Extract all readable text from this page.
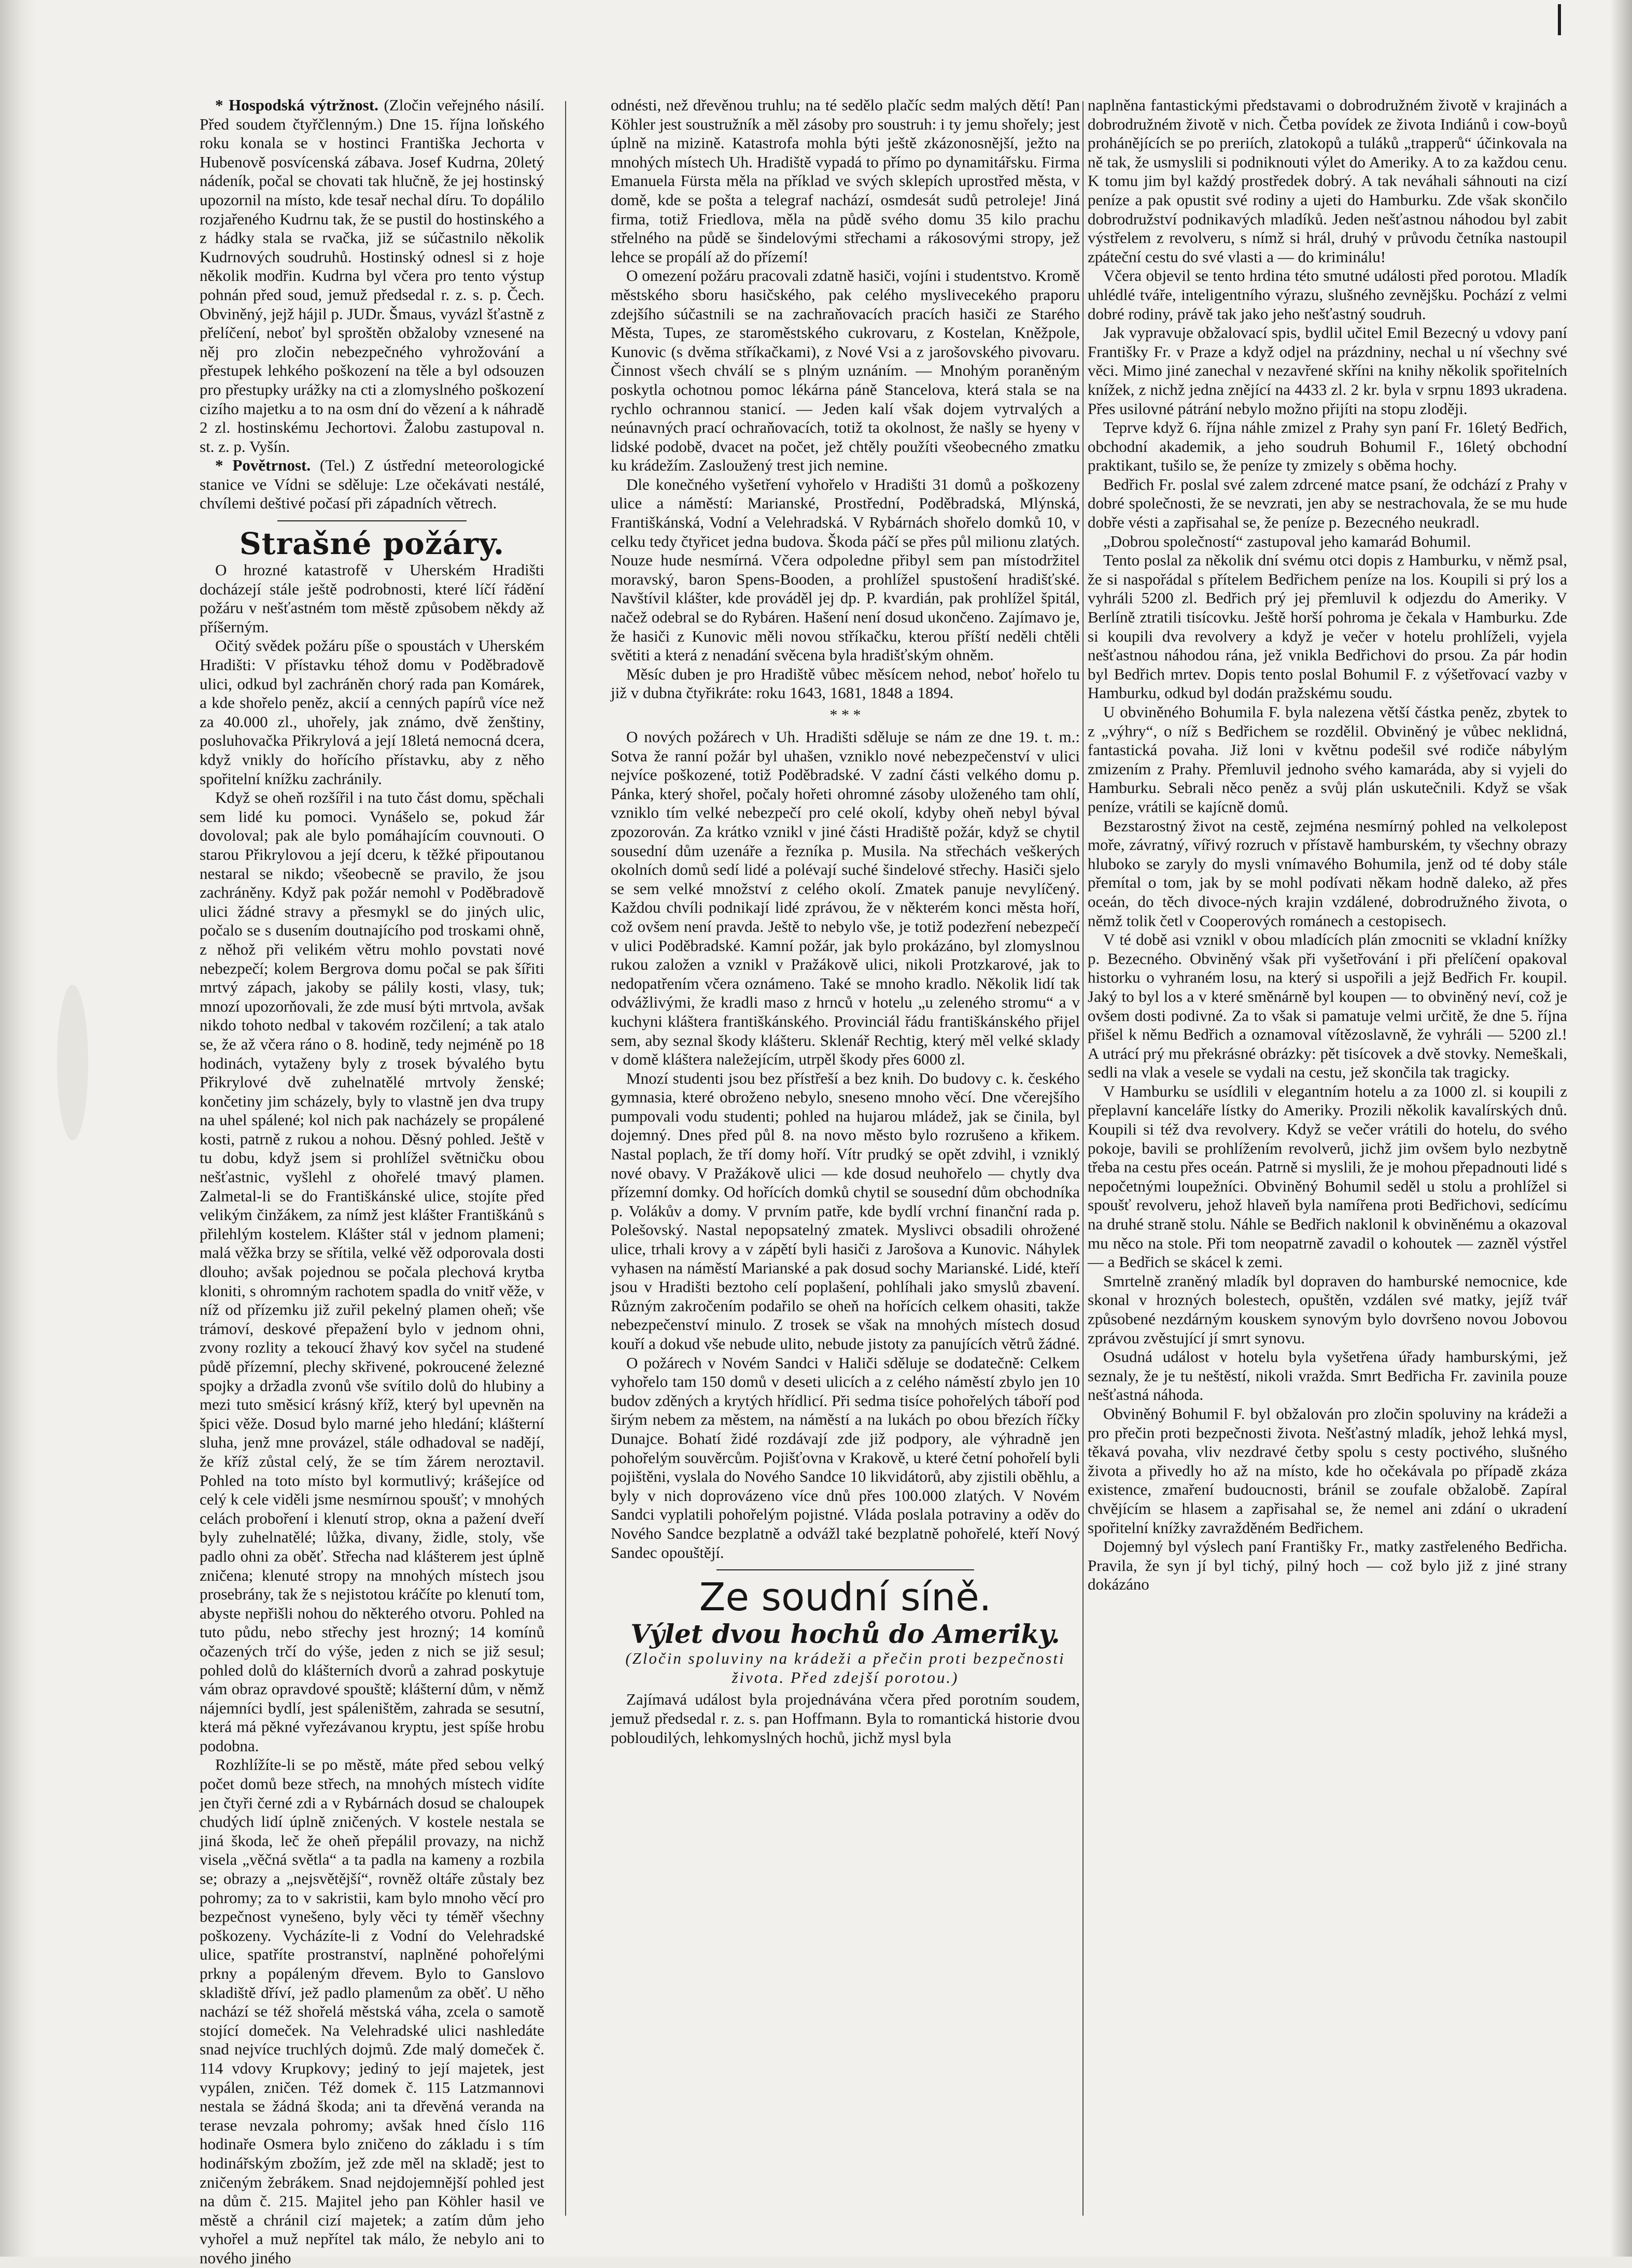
* Hospodská výtržnost. (Zločin veřejného násilí. Před soudem čtyřčlenným.) Dne 15. října loňského roku konala se v hostinci Františka Jechorta v Hubenově posvícenská zábava. Josef Kudrna, 20letý nádeník, počal se chovati tak hlučně, že jej hostinský upozornil na místo, kde tesař nechal díru. To dopálilo rozjařeného Kudrnu tak, že se pustil do hostinského a z hádky stala se rvačka, již se súčastnilo několik Kudrnových soudruhů. Hostinský odnesl si z hoje několik modřin. Kudrna byl včera pro tento výstup pohnán před soud, jemuž předsedal r. z. s. p. Čech. Obviněný, jejž hájil p. JUDr. Šmaus, vyvázl šťastně z přelíčení, neboť byl sproštěn obžaloby vznesené na něj pro zločin nebezpečného vyhrožování a přestupek lehkého poškození na těle a byl odsouzen pro přestupky urážky na cti a zlomyslného poškození cizího majetku a to na osm dní do vězení a k náhradě 2 zl. hostinskému Jechortovi. Žalobu zastupoval n. st. z. p. Vyšín.

* Povětrnost. (Tel.) Z ústřední meteorologické stanice ve Vídni se sděluje: Lze očekávati nestálé, chvílemi deštivé počasí při západních větrech.

Strašné požáry.

O hrozné katastrofě v Uherském Hradišti docházejí stále ještě podrobnosti, které líčí řádění požáru v nešťastném tom městě způsobem někdy až příšerným.

Očitý svědek požáru píše o spoustách v Uherském Hradišti: V přístavku téhož domu v Poděbradově ulici, odkud byl zachráněn chorý rada pan Komárek, a kde shořelo peněz, akcií a cenných papírů více než za 40.000 zl., uhořely, jak známo, dvě ženštiny, posluhovačka Přikrylová a její 18letá nemocná dcera, když vnikly do hořícího přístavku, aby z něho spořitelní knížku zachránily.

Když se oheň rozšířil i na tuto část domu, spěchali sem lidé ku pomoci. Vynášelo se, pokud žár dovoloval; pak ale bylo pomáhajícím couvnouti. O starou Přikrylovou a její dceru, k těžké připoutanou nestaral se nikdo; všeobecně se pravilo, že jsou zachráněny. Když pak požár nemohl v Poděbradově ulici žádné stravy a přesmykl se do jiných ulic, počalo se s dusením doutnajícího pod troskami ohně, z něhož při velikém větru mohlo povstati nové nebezpečí; kolem Bergrova domu počal se pak šířiti mrtvý zápach, jakoby se pálily kosti, vlasy, tuk; mnozí upozorňovali, že zde musí býti mrtvola, avšak nikdo tohoto nedbal v takovém rozčilení; a tak atalo se, že až včera ráno o 8. hodině, tedy nejméně po 18 hodinách, vytaženy byly z trosek bývalého bytu Přikrylové dvě zuhelnatělé mrtvoly ženské; končetiny jim scházely, byly to vlastně jen dva trupy na uhel spálené; kol nich pak nacházely se propálené kosti, patrně z rukou a nohou. Děsný pohled. Ještě v tu dobu, když jsem si prohlížel světničku obou nešťastnic, vyšlehl z ohořelé tmavý plamen. Zalmetal-li se do Františkánské ulice, stojíte před velikým činžákem, za nímž jest klášter Františkánů s přilehlým kostelem. Klášter stál v jednom plameni; malá věžka brzy se sřítila, velké věž odporovala dosti dlouho; avšak pojednou se počala plechová krytba kloniti, s ohromným rachotem spadla do vnitř věže, v níž od přízemku již zuřil pekelný plamen oheň; vše trámoví, deskové přepažení bylo v jednom ohni, zvony rozlity a tekoucí žhavý kov syčel na studené půdě přízemní, plechy skřivené, pokroucené železné spojky a držadla zvonů vše svítilo dolů do hlubiny a mezi tuto směsicí krásný kříž, který byl upevněn na špici věže. Dosud bylo marné jeho hledání; klášterní sluha, jenž mne provázel, stále odhadoval se nadějí, že kříž zůstal celý, že se tím žárem neroztavil. Pohled na toto místo byl kormutlivý; krášejíce od celý k cele viděli jsme nesmírnou spoušť; v mnohých celách proboření i klenutí strop, okna a pažení dveří byly zuhelnatělé; lůžka, divany, židle, stoly, vše padlo ohni za oběť. Střecha nad klášterem jest úplně zničena; klenuté stropy na mnohých místech jsou prosebrány, tak že s nejistotou kráčíte po klenutí tom, abyste nepřišli nohou do některého otvoru. Pohled na tuto půdu, nebo střechy jest hrozný; 14 komínů očazených trčí do výše, jeden z nich se již sesul; pohled dolů do klášterních dvorů a zahrad poskytuje vám obraz opravdové spouště; klášterní dům, v němž nájemníci bydlí, jest spáleništěm, zahrada se sesutní, která má pěkné vyřezávanou kryptu, jest spíše hrobu podobna.

Rozhlížíte-li se po městě, máte před sebou velký počet domů beze střech, na mnohých místech vidíte jen čtyři černé zdi a v Rybárnách dosud se chaloupek chudých lidí úplně zničených. V kostele nestala se jiná škoda, leč že oheň přepálil provazy, na nichž visela „věčná světla“ a ta padla na kameny a rozbila se; obrazy a „nejsvětější“, rovněž oltáře zůstaly bez pohromy; za to v sakristii, kam bylo mnoho věcí pro bezpečnost vynešeno, byly věci ty téměř všechny poškozeny. Vycházíte-li z Vodní do Velehradské ulice, spatříte prostranství, naplněné pohořelými prkny a popáleným dřevem. Bylo to Ganslovo skladiště dříví, jež padlo plamenům za oběť. U něho nachází se též shořelá městská váha, zcela o samotě stojící domeček. Na Velehradské ulici nashledáte snad nejvíce truchlých dojmů. Zde malý domeček č. 114 vdovy Krupkovy; jediný to její majetek, jest vypálen, zničen. Též domek č. 115 Latzmannovi nestala se žádná škoda; ani ta dřevěná veranda na terase nevzala pohromy; avšak hned číslo 116 hodinaře Osmera bylo zničeno do základu i s tím hodinářským zbožím, jež zde měl na skladě; jest to zničeným žebrákem. Snad nejdojemnější pohled jest na dům č. 215. Majitel jeho pan Köhler hasil ve městě a chránil cizí majetek; a zatím dům jeho vyhořel a muž nepřítel tak málo, že nebylo ani to nového jiného

odnésti, než dřevěnou truhlu; na té sedělo plačíc sedm malých dětí! Pan Köhler jest soustružník a měl zásoby pro soustruh: i ty jemu shořely; jest úplně na mizině. Katastrofa mohla býti ještě zkázonosnější, ježto na mnohých místech Uh. Hradiště vypadá to přímo po dynamitářsku. Firma Emanuela Fürsta měla na příklad ve svých sklepích uprostřed města, v domě, kde se pošta a telegraf nachází, osmdesát sudů petroleje! Jiná firma, totiž Friedlova, měla na půdě svého domu 35 kilo prachu střelného na půdě se šindelovými střechami a rákosovými stropy, jež lehce se propálí až do přízemí!

O omezení požáru pracovali zdatně hasiči, vojíni i studentstvo. Kromě městského sboru hasičského, pak celého myslivecekého praporu zdejšího súčastnili se na zachraňovacích pracích hasiči ze Starého Města, Tupes, ze staroměstského cukrovaru, z Kostelan, Kněžpole, Kunovic (s dvěma stříkačkami), z Nové Vsi a z jarošovského pivovaru. Činnost všech chválí se s plným uznáním. — Mnohým poraněným poskytla ochotnou pomoc lékárna páně Stancelova, která stala se na rychlo ochrannou stanicí. — Jeden kalí však dojem vytrvalých a neúnavných prací ochraňovacích, totiž ta okolnost, že našly se hyeny v lidské podobě, dvacet na počet, jež chtěly použíti všeobecného zmatku ku krádežím. Zasloužený trest jich nemine.

Dle konečného vyšetření vyhořelo v Hradišti 31 domů a poškozeny ulice a náměstí: Marianské, Prostřední, Poděbradská, Mlýnská, Františkánská, Vodní a Velehradská. V Rybárnách shořelo domků 10, v celku tedy čtyřicet jedna budova. Škoda páčí se přes půl milionu zlatých. Nouze hude nesmírná. Včera odpoledne přibyl sem pan místodržitel moravský, baron Spens-Booden, a prohlížel spustošení hradišťské. Navštívil klášter, kde prováděl jej dp. P. kvardián, pak prohlížel špitál, načež odebral se do Rybáren. Hašení není dosud ukončeno. Zajímavo je, že hasiči z Kunovic měli novou stříkačku, kterou příští neděli chtěli světiti a která z nenadání svěcena byla hradišťským ohněm.

Měsíc duben je pro Hradiště vůbec měsícem nehod, neboť hořelo tu již v dubna čtyřikráte: roku 1643, 1681, 1848 a 1894.

* * *

O nových požárech v Uh. Hradišti sděluje se nám ze dne 19. t. m.: Sotva že ranní požár byl uhašen, vzniklo nové nebezpečenství v ulici nejvíce poškozené, totiž Poděbradské. V zadní části velkého domu p. Pánka, který shořel, počaly hořeti ohromné zásoby uloženého tam ohlí, vzniklo tím velké nebezpečí pro celé okolí, kdyby oheň nebyl býval zpozorován. Za krátko vznikl v jiné části Hradiště požár, když se chytil sousední dům uzenáře a řezníka p. Musila. Na střechách veškerých okolních domů sedí lidé a polévají suché šindelové střechy. Hasiči sjelo se sem velké množství z celého okolí. Zmatek panuje nevylíčený. Každou chvíli podnikají lidé zprávou, že v některém konci města hoří, což ovšem není pravda. Ještě to nebylo vše, je totiž podezření nebezpečí v ulici Poděbradské. Kamní požár, jak bylo prokázáno, byl zlomyslnou rukou založen a vznikl v Pražákově ulici, nikoli Protzkarové, jak to nedopatřením včera oznámeno. Také se mnoho kradlo. Několik lidí tak odvážlivými, že kradli maso z hrnců v hotelu „u zeleného stromu“ a v kuchyni kláštera františkánského. Provinciál řádu františkánského přijel sem, aby seznal škody klášteru. Sklenář Rechtig, který měl velké sklady v domě kláštera naležejícím, utrpěl škody přes 6000 zl.

Mnozí studenti jsou bez přístřeší a bez knih. Do budovy c. k. českého gymnasia, které obroženo nebylo, sneseno mnoho věcí. Dne včerejšího pumpovali vodu studenti; pohled na hujarou mládež, jak se činila, byl dojemný. Dnes před půl 8. na novo město bylo rozrušeno a křikem. Nastal poplach, že tří domy hoří. Vítr prudký se opět zdvihl, i vzniklý nové obavy. V Pražákově ulici — kde dosud neuhořelo — chytly dva přízemní domky. Od hořících domků chytil se sousední dům obchodníka p. Volákův a domy. V prvním patře, kde bydlí vrchní finanční rada p. Polešovský. Nastal nepopsatelný zmatek. Myslivci obsadili ohrožené ulice, trhali krovy a v zápětí byli hasiči z Jarošova a Kunovic. Náhylek vyhasen na náměstí Marianské a pak dosud sochy Marianské. Lidé, kteří jsou v Hradišti beztoho celí poplašení, pohlíhali jako smyslů zbavení. Různým zakročením podařilo se oheň na hořících celkem ohasiti, takže nebezpečenství minulo. Z trosek se však na mnohých místech dosud kouří a dokud vše nebude ulito, nebude jistoty za panujících větrů žádné.

O požárech v Novém Sandci v Haliči sděluje se dodatečně: Celkem vyhořelo tam 150 domů v deseti ulicích a z celého náměstí zbylo jen 10 budov zděných a krytých hřídlicí. Při sedma tisíce pohořelých táboří pod širým nebem za městem, na náměstí a na lukách po obou březích říčky Dunajce. Bohatí židé rozdávají zde již podpory, ale výhradně jen pohořelým souvěrcům. Pojišťovna v Krakově, u které četní pohořelí byli pojištěni, vyslala do Nového Sandce 10 likvidátorů, aby zjistili oběhlu, a byly v nich doprovázeno více dnů přes 100.000 zlatých. V Novém Sandci vyplatili pohořelým pojistné. Vláda poslala potraviny a oděv do Nového Sandce bezplatně a odvážl také bezplatně pohořelé, kteří Nový Sandec opouštějí.

Ze soudní síně.
Výlet dvou hochů do Ameriky.
(Zločin spoluviny na krádeži a přečin proti bezpečnosti života. Před zdejší porotou.)

Zajímavá událost byla projednávána včera před porotním soudem, jemuž předsedal r. z. s. pan Hoffmann. Byla to romantická historie dvou pobloudilých, lehkomyslných hochů, jichž mysl byla

naplněna fantastickými představami o dobrodružném životě v krajinách a dobrodružném životě v nich. Četba povídek ze života Indiánů i cow-boyů prohánějících se po preriích, zlatokopů a tuláků „trapperů“ účinkovala na ně tak, že usmyslili si podniknouti výlet do Ameriky. A to za každou cenu. K tomu jim byl každý prostředek dobrý. A tak neváhali sáhnouti na cizí peníze a pak opustit své rodiny a ujeti do Hamburku. Zde však skončilo dobrodružství podnikavých mladíků. Jeden nešťastnou náhodou byl zabit výstřelem z revolveru, s nímž si hrál, druhý v průvodu četníka nastoupil zpáteční cestu do své vlasti a — do kriminálu!

Včera objevil se tento hrdina této smutné události před porotou. Mladík uhlédlé tváře, inteligentního výrazu, slušného zevnějšku. Pochází z velmi dobré rodiny, právě tak jako jeho nešťastný soudruh.

Jak vypravuje obžalovací spis, bydlil učitel Emil Bezecný u vdovy paní Františky Fr. v Praze a když odjel na prázdniny, nechal u ní všechny své věci. Mimo jiné zanechal v nezavřené skříni na knihy několik spořitelních knížek, z nichž jedna znějící na 4433 zl. 2 kr. byla v srpnu 1893 ukradena. Přes usilovné pátrání nebylo možno přijíti na stopu zloději.

Teprve když 6. října náhle zmizel z Prahy syn paní Fr. 16letý Bedřich, obchodní akademik, a jeho soudruh Bohumil F., 16letý obchodní praktikant, tušilo se, že peníze ty zmizely s oběma hochy.

Bedřich Fr. poslal své zalem zdrcené matce psaní, že odchází z Prahy v dobré společnosti, že se nevzrati, jen aby se nestrachovala, že se mu hude dobře vésti a zapřisahal se, že peníze p. Bezecného neukradl.

„Dobrou společností“ zastupoval jeho kamarád Bohumil.

Tento poslal za několik dní svému otci dopis z Hamburku, v němž psal, že si naspořádal s přítelem Bedřichem peníze na los. Koupili si prý los a vyhráli 5200 zl. Bedřich prý jej přemluvil k odjezdu do Ameriky. V Berlíně ztratili tisícovku. Ještě horší pohroma je čekala v Hamburku. Zde si koupili dva revolvery a když je večer v hotelu prohlíželi, vyjela nešťastnou náhodou rána, jež vnikla Bedřichovi do prsou. Za pár hodin byl Bedřich mrtev. Dopis tento poslal Bohumil F. z výšetřovací vazby v Hamburku, odkud byl dodán pražskému soudu.

U obviněného Bohumila F. byla nalezena větší částka peněz, zbytek to z „výhry“, o níž s Bedřichem se rozdělil. Obviněný je vůbec neklidná, fantastická povaha. Již loni v květnu podešil své rodiče nábylým zmizením z Prahy. Přemluvil jednoho svého kamaráda, aby si vyjeli do Hamburku. Sebrali něco peněz a svůj plán uskutečnili. Když se však peníze, vrátili se kajícně domů.

Bezstarostný život na cestě, zejména nesmírný pohled na velkolepost moře, závratný, vířivý rozruch v přístavě hamburském, ty všechny obrazy hluboko se zaryly do mysli vnímavého Bohumila, jenž od té doby stále přemítal o tom, jak by se mohl podívati někam hodně daleko, až přes oceán, do těch divoce-ných krajin vzdálené, dobrodružného života, o němž tolik četl v Cooperových románech a cestopisech.

V té době asi vznikl v obou mladících plán zmocniti se vkladní knížky p. Bezecného. Obviněný však při vyšetřování i při přelíčení opakoval historku o vyhraném losu, na který si uspořili a jejž Bedřich Fr. koupil. Jaký to byl los a v které směnárně byl koupen — to obviněný neví, což je ovšem dosti podivné. Za to však si pamatuje velmi určitě, že dne 5. října přišel k němu Bedřich a oznamoval vítězoslavně, že vyhráli — 5200 zl.! A utrácí prý mu překrásné obrázky: pět tisícovek a dvě stovky. Nemeškali, sedli na vlak a vesele se vydali na cestu, jež skončila tak tragicky.

V Hamburku se usídlili v elegantním hotelu a za 1000 zl. si koupili z přeplavní kanceláře lístky do Ameriky. Prozili několik kavalírských dnů. Koupili si též dva revolvery. Když se večer vrátili do hotelu, do svého pokoje, bavili se prohlížením revolverů, jichž jim ovšem bylo nezbytně třeba na cestu přes oceán. Patrně si myslili, že je mohou přepadnouti lidé s nepočetnými loupežníci. Obviněný Bohumil seděl u stolu a prohlížel si spoušť revolveru, jehož hlaveň byla namířena proti Bedřichovi, sedícímu na druhé straně stolu. Náhle se Bedřich naklonil k obviněnému a okazoval mu něco na stole. Při tom neopatrně zavadil o kohoutek — zazněl výstřel — a Bedřich se skácel k zemi.

Smrtelně zraněný mladík byl dopraven do hamburské nemocnice, kde skonal v hrozných bolestech, opuštěn, vzdálen své matky, jejíž tvář způsobené nezdárným kouskem synovým bylo dovršeno novou Jobovou zprávou zvěstující jí smrt synovu.

Osudná událost v hotelu byla vyšetřena úřady hamburskými, jež seznaly, že je tu neštěstí, nikoli vražda. Smrt Bedřicha Fr. zavinila pouze nešťastná náhoda.

Obviněný Bohumil F. byl obžalován pro zločin spoluviny na krádeži a pro přečin proti bezpečnosti života. Nešťastný mladík, jehož lehká mysl, těkavá povaha, vliv nezdravé četby spolu s cesty poctivého, slušného života a přivedly ho až na místo, kde ho očekávala po případě zkáza existence, zmaření budoucnosti, bránil se zoufale obžalobě. Zapíral chvějícím se hlasem a zapřisahal se, že nemel ani zdání o ukradení spořitelní knížky zavražděném Bedřichem.

Dojemný byl výslech paní Františky Fr., matky zastřeleného Bedřicha. Pravila, že syn jí byl tichý, pilný hoch — což bylo již z jiné strany dokázáno
